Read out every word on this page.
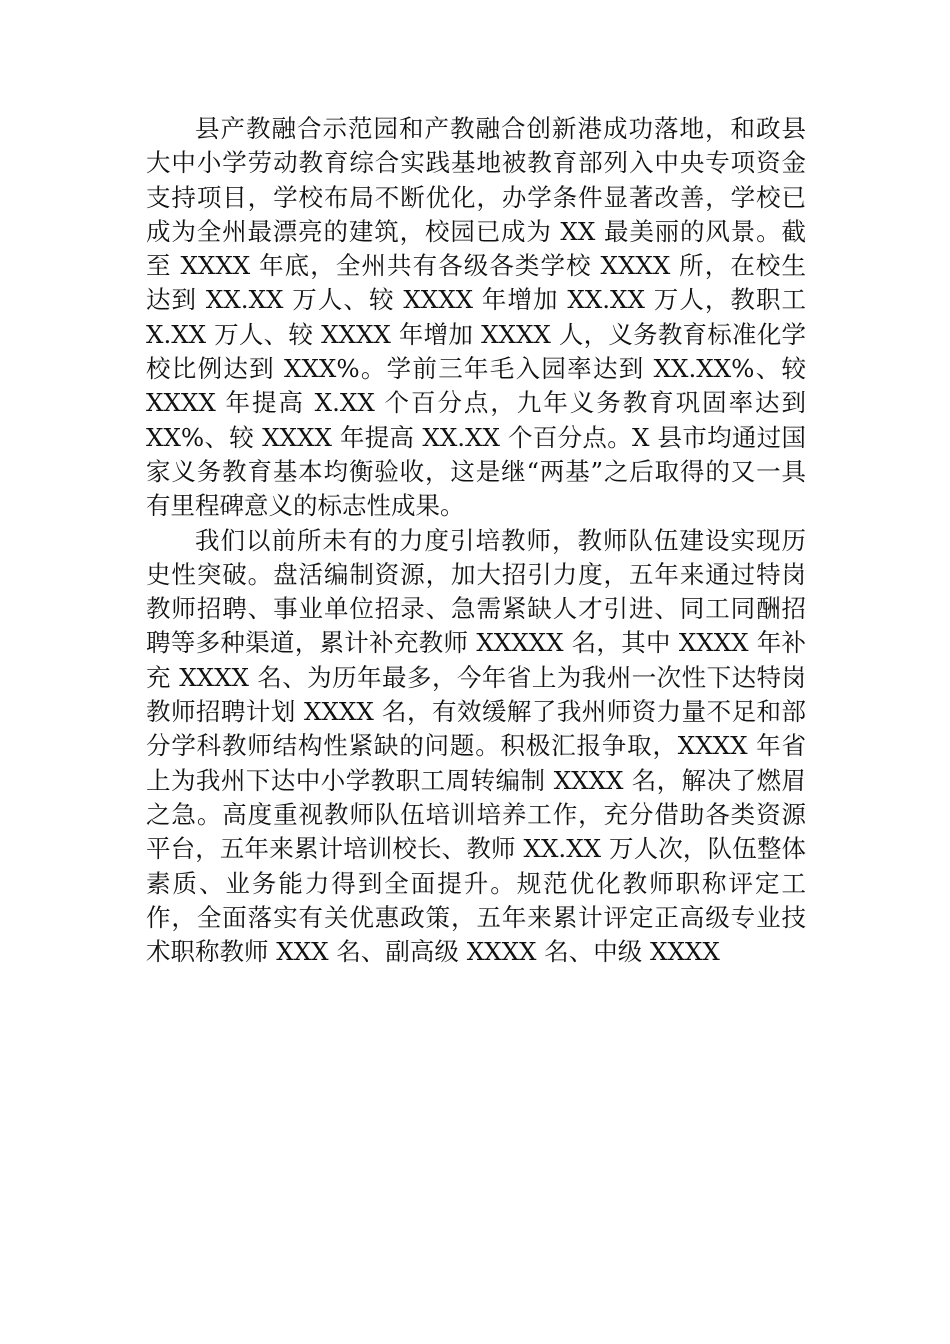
县产教融合示范园和产教融合创新港成功落地，和政县大中小学劳动教育综合实践基地被教育部列入中央专项资金支持项目，学校布局不断优化，办学条件显著改善，学校已成为全州最漂亮的建筑，校园已成为 XX 最美丽的风景。截至 XXXX 年底，全州共有各级各类学校 XXXX 所，在校生达到 XX.XX 万人、较 XXXX 年增加 XX.XX 万人，教职工 X.XX 万人、较 XXXX 年增加 XXXX 人，义务教育标准化学校比例达到 XXX%。学前三年毛入园率达到 XX.XX%、较 XXXX 年提高 X.XX 个百分点，九年义务教育巩固率达到 XX%、较 XXXX 年提高 XX.XX 个百分点。X 县市均通过国家义务教育基本均衡验收，这是继“两基”之后取得的又一具有里程碑意义的标志性成果。

我们以前所未有的力度引培教师，教师队伍建设实现历史性突破。盘活编制资源，加大招引力度，五年来通过特岗教师招聘、事业单位招录、急需紧缺人才引进、同工同酬招聘等多种渠道，累计补充教师 XXXXX 名，其中 XXXX 年补充 XXXX 名、为历年最多，今年省上为我州一次性下达特岗教师招聘计划 XXXX 名，有效缓解了我州师资力量不足和部分学科教师结构性紧缺的问题。积极汇报争取，XXXX 年省上为我州下达中小学教职工周转编制 XXXX 名，解决了燃眉之急。高度重视教师队伍培训培养工作，充分借助各类资源平台，五年来累计培训校长、教师 XX.XX 万人次，队伍整体素质、业务能力得到全面提升。规范优化教师职称评定工作，全面落实有关优惠政策，五年来累计评定正高级专业技术职称教师 XXX 名、副高级 XXXX 名、中级 XXXX
